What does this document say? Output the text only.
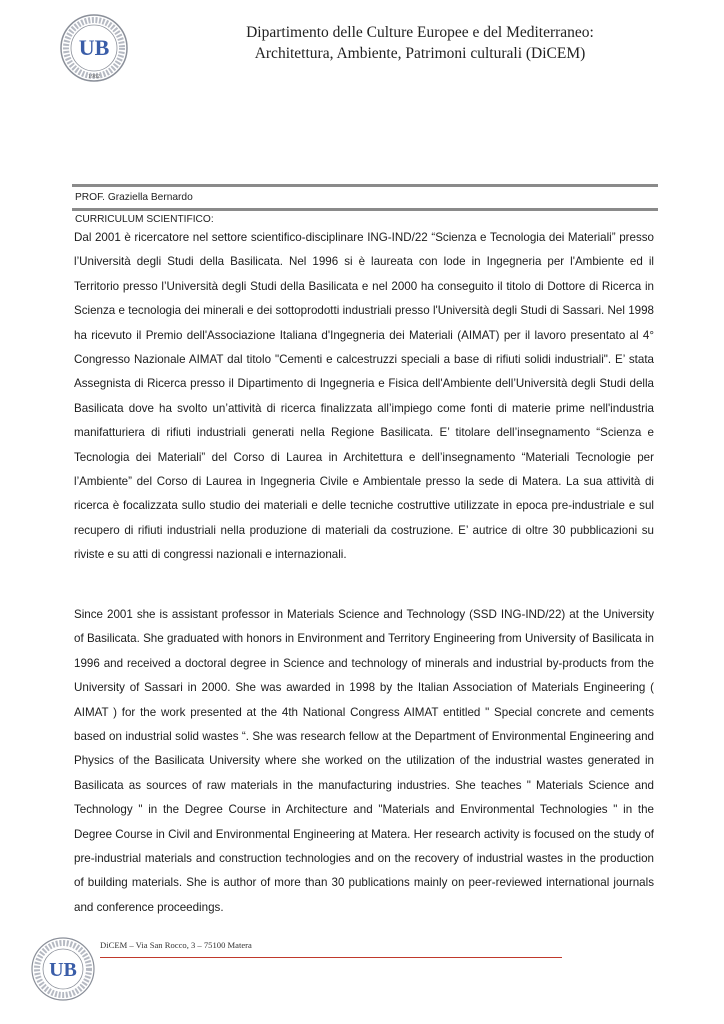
UB
1982
Dipartimento delle Culture Europee e del Mediterraneo:
Architettura, Ambiente, Patrimoni culturali (DiCEM)
PROF. Graziella Bernardo
CURRICULUM SCIENTIFICO:

Dal 2001 è ricercatore nel settore scientifico-disciplinare ING-IND/22 “Scienza e Tecnologia dei Materiali” presso l’Università degli Studi della Basilicata. Nel 1996 si è laureata con lode in Ingegneria per l'Ambiente ed il Territorio presso l’Università degli Studi della Basilicata e nel 2000 ha conseguito il titolo di Dottore di Ricerca in Scienza e tecnologia dei minerali e dei sottoprodotti industriali presso l'Università degli Studi di Sassari. Nel 1998 ha ricevuto il Premio dell'Associazione Italiana d'Ingegneria dei Materiali (AIMAT) per il lavoro presentato al 4° Congresso Nazionale AIMAT dal titolo "Cementi e calcestruzzi speciali a base di rifiuti solidi industriali". E’ stata Assegnista di Ricerca presso il Dipartimento di Ingegneria e Fisica dell'Ambiente dell’Università degli Studi della Basilicata dove ha svolto un’attività di ricerca finalizzata all’impiego come fonti di materie prime nell'industria manifatturiera di rifiuti industriali generati nella Regione Basilicata. E’ titolare dell’insegnamento “Scienza e Tecnologia dei Materiali” del Corso di Laurea in Architettura e dell’insegnamento “Materiali Tecnologie per l’Ambiente” del Corso di Laurea in Ingegneria Civile e Ambientale presso la sede di Matera. La sua attività di ricerca è focalizzata sullo studio dei materiali e delle tecniche costruttive utilizzate in epoca pre-industriale e sul recupero di rifiuti industriali nella produzione di materiali da costruzione. E’ autrice di oltre 30 pubblicazioni su riviste e su atti di congressi nazionali e internazionali.

Since 2001 she is assistant professor in Materials Science and Technology (SSD ING-IND/22) at the University of Basilicata. She graduated with honors in Environment and Territory Engineering from University of Basilicata in 1996 and received a doctoral degree in Science and technology of minerals and industrial by-products from the University of Sassari in 2000. She was awarded in 1998 by the Italian Association of Materials Engineering ( AIMAT ) for the work presented at the 4th National Congress AIMAT entitled " Special concrete and cements based on industrial solid wastes “. She was research fellow at the Department of Environmental Engineering and Physics of the Basilicata University where she worked on the utilization of the industrial wastes generated in Basilicata as sources of raw materials in the manufacturing industries. She teaches " Materials Science and Technology " in the Degree Course in Architecture and "Materials and Environmental Technologies " in the Degree Course in Civil and Environmental Engineering at Matera. Her research activity is focused on the study of pre-industrial materials and construction technologies and on the recovery of industrial wastes in the production of building materials. She is author of more than 30 publications mainly on peer-reviewed international journals and conference proceedings.

UB
DiCEM – Via San Rocco, 3 – 75100 Matera
